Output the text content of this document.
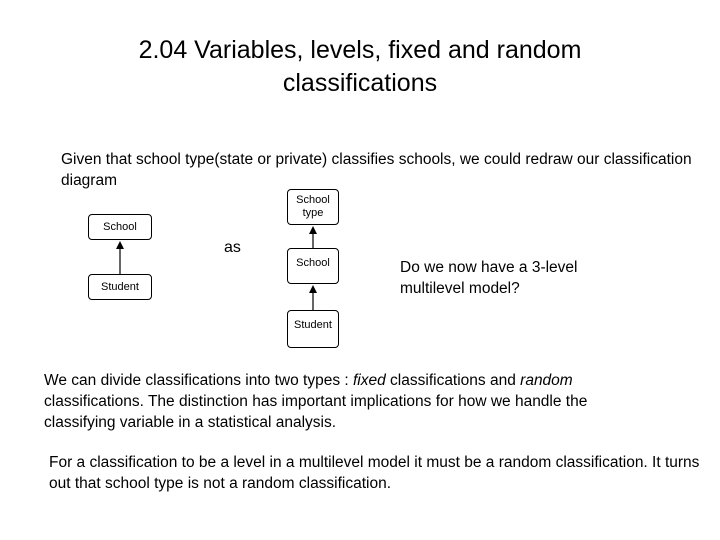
2.04 Variables, levels, fixed and random classifications
Given that school type(state or private) classifies schools, we could redraw our classification diagram
School
Student
as
School type
School
Student
Do we now have a 3-level multilevel model?
We can divide classifications into two types : fixed classifications and random classifications. The distinction has important implications for how we handle the classifying variable in a statistical analysis.
For a classification to be a level in a multilevel model it must be a random classification. It turns out that school type is not a random classification.
